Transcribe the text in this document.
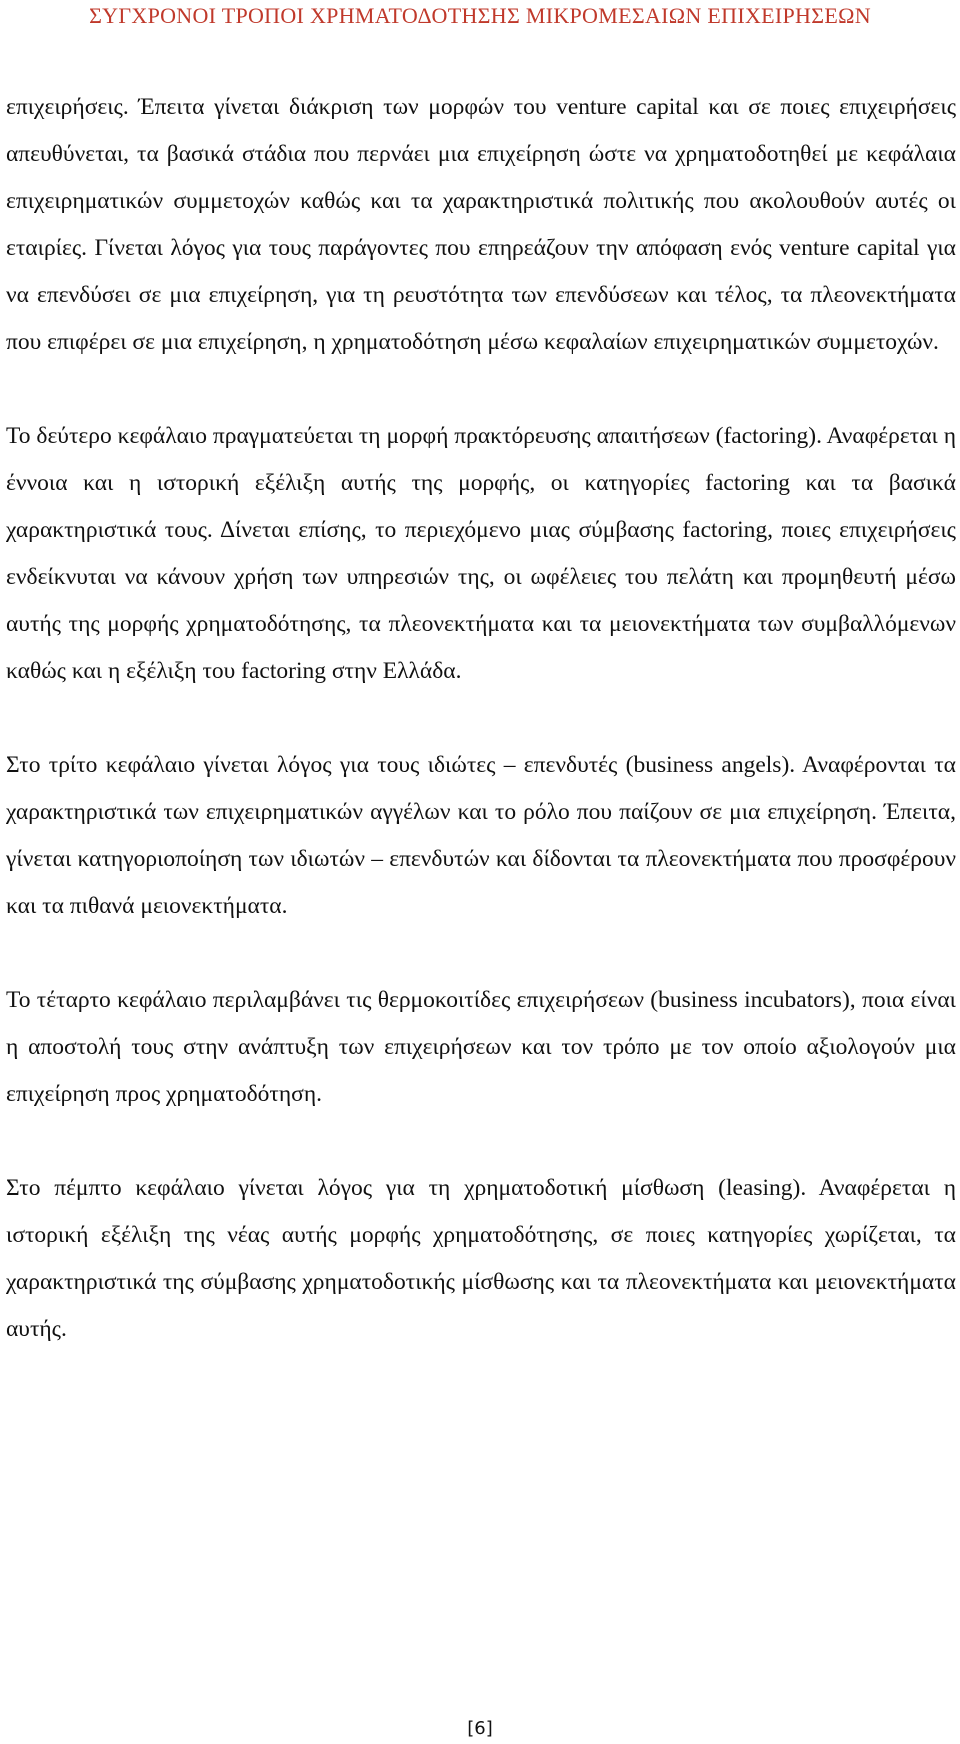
ΣΥΓΧΡΟΝΟΙ ΤΡΟΠΟΙ ΧΡΗΜΑΤΟΔΟΤΗΣΗΣ ΜΙΚΡΟΜΕΣΑΙΩΝ ΕΠΙΧΕΙΡΗΣΕΩΝ

επιχειρήσεις. Έπειτα γίνεται διάκριση των μορφών του venture capital και σε ποιες επιχειρήσεις απευθύνεται, τα βασικά στάδια που περνάει μια επιχείρηση ώστε να χρηματοδοτηθεί με κεφάλαια επιχειρηματικών συμμετοχών καθώς και τα χαρακτηριστικά πολιτικής που ακολουθούν αυτές οι εταιρίες. Γίνεται λόγος για τους παράγοντες που επηρεάζουν την απόφαση ενός venture capital για να επενδύσει σε μια επιχείρηση, για τη ρευστότητα των επενδύσεων και τέλος, τα πλεονεκτήματα που επιφέρει σε μια επιχείρηση, η χρηματοδότηση μέσω κεφαλαίων επιχειρηματικών συμμετοχών.

Το δεύτερο κεφάλαιο πραγματεύεται τη μορφή πρακτόρευσης απαιτήσεων (factoring). Αναφέρεται η έννοια και η ιστορική εξέλιξη αυτής της μορφής, οι κατηγορίες factoring και τα βασικά χαρακτηριστικά τους. Δίνεται επίσης, το περιεχόμενο μιας σύμβασης factoring, ποιες επιχειρήσεις ενδείκνυται να κάνουν χρήση των υπηρεσιών της, οι ωφέλειες του πελάτη και προμηθευτή μέσω αυτής της μορφής χρηματοδότησης, τα πλεονεκτήματα και τα μειονεκτήματα των συμβαλλόμενων καθώς και η εξέλιξη του factoring στην Ελλάδα.

Στο τρίτο κεφάλαιο γίνεται λόγος για τους ιδιώτες – επενδυτές (business angels). Αναφέρονται τα χαρακτηριστικά των επιχειρηματικών αγγέλων και το ρόλο που παίζουν σε μια επιχείρηση. Έπειτα, γίνεται κατηγοριοποίηση των ιδιωτών – επενδυτών και δίδονται τα πλεονεκτήματα που προσφέρουν και τα πιθανά μειονεκτήματα.

Το τέταρτο κεφάλαιο περιλαμβάνει τις θερμοκοιτίδες επιχειρήσεων (business incubators), ποια είναι η αποστολή τους στην ανάπτυξη των επιχειρήσεων και τον τρόπο με τον οποίο αξιολογούν μια επιχείρηση προς χρηματοδότηση.

Στο πέμπτο κεφάλαιο γίνεται λόγος για τη χρηματοδοτική μίσθωση (leasing). Αναφέρεται η ιστορική εξέλιξη της νέας αυτής μορφής χρηματοδότησης, σε ποιες κατηγορίες χωρίζεται, τα χαρακτηριστικά της σύμβασης χρηματοδοτικής μίσθωσης και τα πλεονεκτήματα και μειονεκτήματα αυτής.

[6]
